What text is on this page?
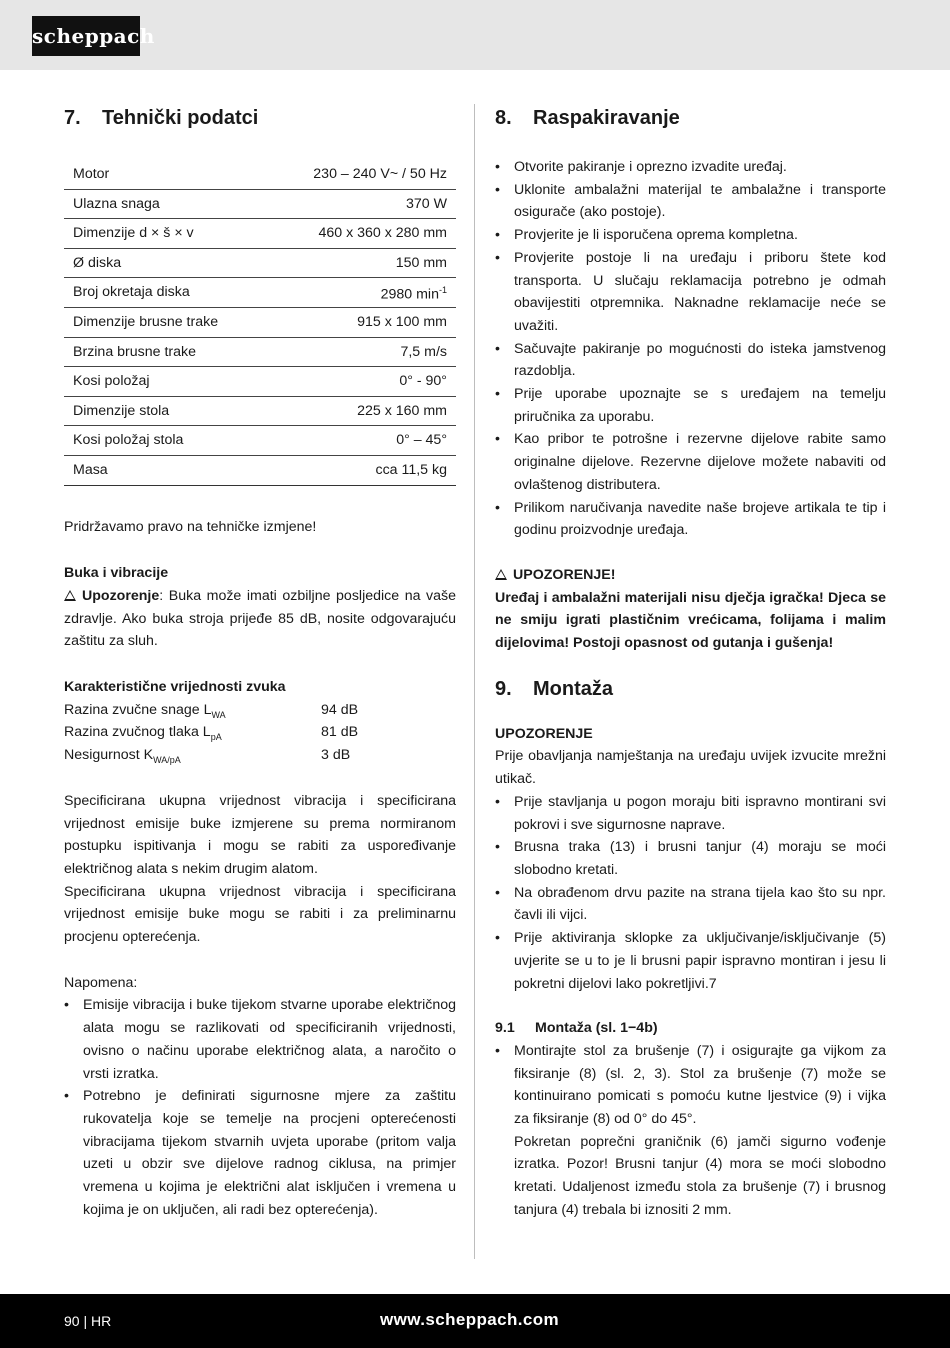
scheppach
7.	Tehnički podatci
Motor	230 – 240 V~ / 50 Hz
Ulazna snaga	370 W
Dimenzije d × š × v	460 x 360 x 280 mm
Ø diska	150 mm
Broj okretaja diska	2980 $\min^{-1}$
Dimenzije brusne trake	915 x 100 mm
Brzina brusne trake	7,5 m/s
Kosi položaj	0° - 90°
Dimenzije stola	225 x 160 mm
Kosi položaj stola	0° – 45°
Masa	cca 11,5 kg

Pridržavamo pravo na tehničke izmjene!

Buka i vibracije

Upozorenje: Buka može imati ozbiljne posljedice na vaše zdravlje. Ako buka stroja prijeđe 85 dB, nosite odgovarajuću zaštitu za sluh.

Karakteristične vrijednosti zvuka

Razina zvučne snage $L_{WA}$	94 dB
Razina zvučnog tlaka $L_{pA}$	81 dB
Nesigurnost $K_{WA/pA}$	3 dB

Specificirana ukupna vrijednost vibracija i specificirana vrijednost emisije buke izmjerene su prema normiranom postupku ispitivanja i mogu se rabiti za uspoređivanje električnog alata s nekim drugim alatom.

Specificirana ukupna vrijednost vibracija i specificirana vrijednost emisije buke mogu se rabiti i za preliminarnu procjenu opterećenja.

Napomena:

• Emisije vibracija i buke tijekom stvarne uporabe električnog alata mogu se razlikovati od specificiranih vrijednosti, ovisno o načinu uporabe električnog alata, a naročito o vrsti izratka.
• Potrebno je definirati sigurnosne mjere za zaštitu rukovatelja koje se temelje na procjeni opterećenosti vibracijama tijekom stvarnih uvjeta uporabe (pritom valja uzeti u obzir sve dijelove radnog ciklusa, na primjer vremena u kojima je električni alat isključen i vremena u kojima je on uključen, ali radi bez opterećenja).
8.	Raspakiravanje
• Otvorite pakiranje i oprezno izvadite uređaj.
• Uklonite ambalažni materijal te ambalažne i transporte osigurače (ako postoje).
• Provjerite je li isporučena oprema kompletna.
• Provjerite postoje li na uređaju i priboru štete kod transporta. U slučaju reklamacija potrebno je odmah obavijestiti otpremnika. Naknadne reklamacije neće se uvažiti.
• Sačuvajte pakiranje po mogućnosti do isteka jamstvenog razdoblja.
• Prije uporabe upoznajte se s uređajem na temelju priručnika za uporabu.
• Kao pribor te potrošne i rezervne dijelove rabite samo originalne dijelove. Rezervne dijelove možete nabaviti od ovlaštenog distributera.
• Prilikom naručivanja navedite naše brojeve artikala te tip i godinu proizvodnje uređaja.

UPOZORENJE!

Uređaj i ambalažni materijali nisu dječja igračka! Djeca se ne smiju igrati plastičnim vrećicama, folijama i malim dijelovima! Postoji opasnost od gutanja i gušenja!

9.	Montaža

UPOZORENJE

Prije obavljanja namještanja na uređaju uvijek izvucite mrežni utikač.

• Prije stavljanja u pogon moraju biti ispravno montirani svi pokrovi i sve sigurnosne naprave.
• Brusna traka (13) i brusni tanjur (4) moraju se moći slobodno kretati.
• Na obrađenom drvu pazite na strana tijela kao što su npr. čavli ili vijci.
• Prije aktiviranja sklopke za uključivanje/isključivanje (5) uvjerite se u to je li brusni papir ispravno montiran i jesu li pokretni dijelovi lako pokretljivi.7
9.1	Montaža (sl. 1−4b)

• Montirajte stol za brušenje (7) i osigurajte ga vijkom za fiksiranje (8) (sl. 2, 3). Stol za brušenje (7) može se kontinuirano pomicati s pomoću kutne ljestvice (9) i vijka za fiksiranje (8) od 0° do 45°.

Pokretan poprečni graničnik (6) jamči sigurno vođenje izratka. Pozor! Brusni tanjur (4) mora se moći slobodno kretati. Udaljenost između stola za brušenje (7) i brusnog tanjura (4) trebala bi iznositi 2 mm.

90 | HR	www.scheppach.com
